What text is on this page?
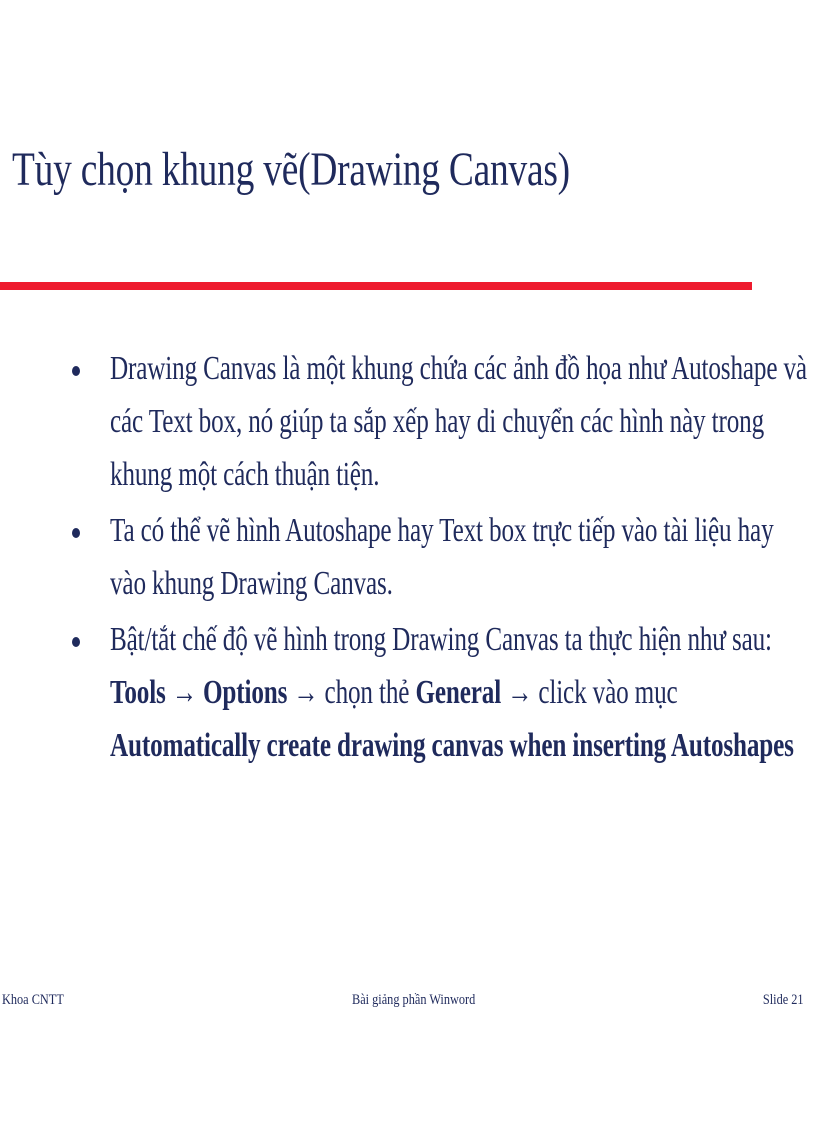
Tùy chọn khung vẽ(Drawing Canvas)
Drawing Canvas là một khung chứa các ảnh đồ họa như Autoshape và
các Text box, nó giúp ta sắp xếp hay di chuyển các hình này trong
khung một cách thuận tiện.
Ta có thể vẽ hình Autoshape hay Text box trực tiếp vào tài liệu hay
vào khung Drawing Canvas.
Bật/tắt chế độ vẽ hình trong Drawing Canvas ta thực hiện như sau:
Tools → Options → chọn thẻ General → click vào mục
Automatically create drawing canvas when inserting Autoshapes
Khoa CNTT	Bài giảng phần Winword	Slide 21
